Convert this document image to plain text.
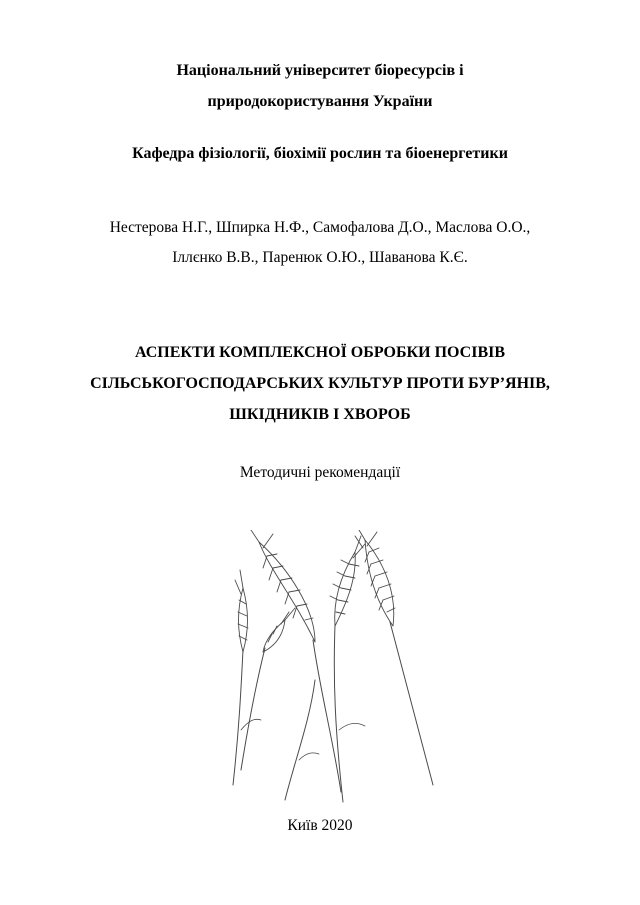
Національний університет біоресурсів і
природокористування України
Кафедра фізіології, біохімії рослин та біоенергетики
Нестерова Н.Г., Шпирка Н.Ф., Самофалова Д.О., Маслова О.О.,
Іллєнко В.В., Паренюк О.Ю., Шаванова К.Є.
АСПЕКТИ КОМПЛЕКСНОЇ ОБРОБКИ ПОСІВІВ
СІЛЬСЬКОГОСПОДАРСЬКИХ КУЛЬТУР ПРОТИ БУР’ЯНІВ,
ШКІДНИКІВ І ХВОРОБ
Методичні рекомендації
Київ 2020
